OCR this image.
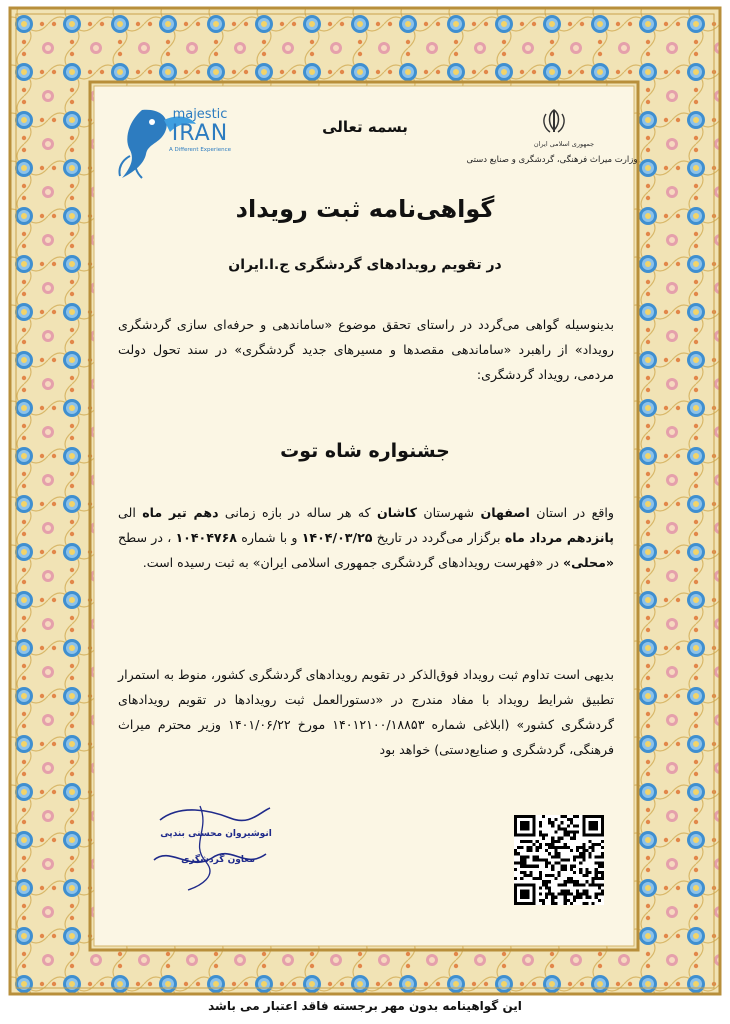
majestic
IRAN
A Different Experience
جمهوری اسلامی ایران
وزارت میراث فرهنگی، گردشگری و صنایع دستی
بسمه تعالی
گواهی‌نامه ثبت رویداد
در تقویم رویدادهای گردشگری ج.ا.ایران
بدینوسیله گواهی می‌گردد در راستای تحقق موضوع «ساماندهی و حرفه‌ای سازی گردشگری رویداد» از راهبرد «ساماندهی مقصدها و مسیرهای جدید گردشگری» در سند تحول دولت مردمی، رویداد گردشگری:
جشنواره شاه توت
واقع در استان اصفهان شهرستان کاشان که هر ساله در بازه زمانی دهم تیر ماه الی پانزدهم مرداد ماه برگزار می‌گردد در تاریخ ۱۴۰۴/۰۳/۲۵ و با شماره ۱۰۴۰۴۷۶۸ ، در سطح «محلی» در «فهرست رویدادهای گردشگری جمهوری اسلامی ایران» به ثبت رسیده است.
بدیهی است تداوم ثبت رویداد فوق‌الذکر در تقویم رویدادهای گردشگری کشور، منوط به استمرار تطبیق شرایط رویداد با مفاد مندرج در «دستورالعمل ثبت رویدادها در تقویم رویدادهای گردشگری کشور» (ابلاغی شماره ۱۴۰۱۲۱۰۰/۱۸۸۵۳ مورخ ۱۴۰۱/۰۶/۲۲ وزیر محترم میراث فرهنگی، گردشگری و صنایع‌دستی) خواهد بود
انوشیروان محسنی بندپی
معاون گردشگری
این گواهینامه بدون مهر برجسته فاقد اعتبار می باشد
